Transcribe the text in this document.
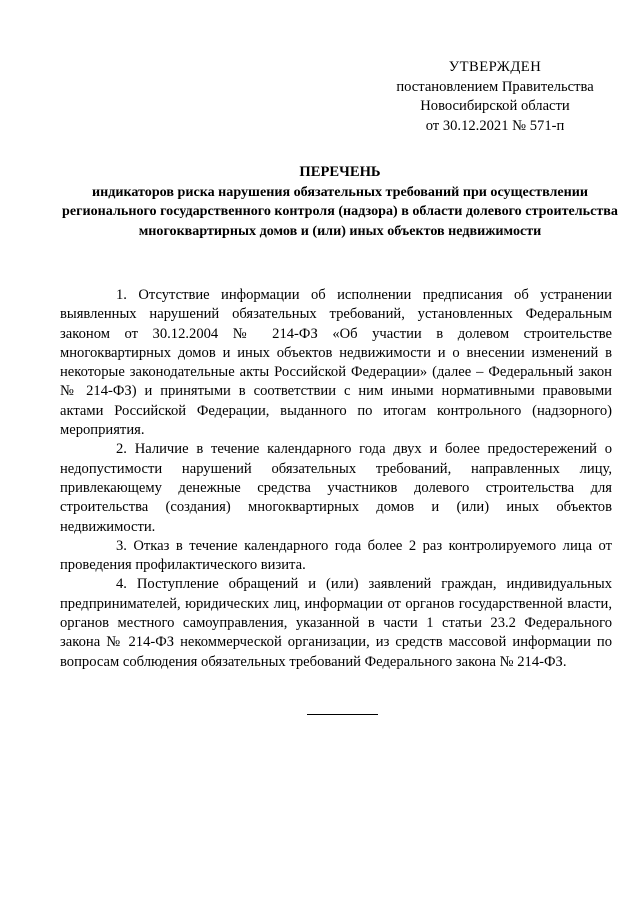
УТВЕРЖДЕН
постановлением Правительства
Новосибирской области
от 30.12.2021 № 571-п
ПЕРЕЧЕНЬ
индикаторов риска нарушения обязательных требований при осуществлении регионального государственного контроля (надзора) в области долевого строительства многоквартирных домов и (или) иных объектов недвижимости

1. Отсутствие информации об исполнении предписания об устранении выявленных нарушений обязательных требований, установленных Федеральным законом от 30.12.2004 № 214-ФЗ «Об участии в долевом строительстве многоквартирных домов и иных объектов недвижимости и о внесении изменений в некоторые законодательные акты Российской Федерации» (далее – Федеральный закон № 214-ФЗ) и принятыми в соответствии с ним иными нормативными правовыми актами Российской Федерации, выданного по итогам контрольного (надзорного) мероприятия.

2. Наличие в течение календарного года двух и более предостережений о недопустимости нарушений обязательных требований, направленных лицу, привлекающему денежные средства участников долевого строительства для строительства (создания) многоквартирных домов и (или) иных объектов недвижимости.

3. Отказ в течение календарного года более 2 раз контролируемого лица от проведения профилактического визита.

4. Поступление обращений и (или) заявлений граждан, индивидуальных предпринимателей, юридических лиц, информации от органов государственной власти, органов местного самоуправления, указанной в части 1 статьи 23.2 Федерального закона № 214-ФЗ некоммерческой организации, из средств массовой информации по вопросам соблюдения обязательных требований Федерального закона № 214-ФЗ.
